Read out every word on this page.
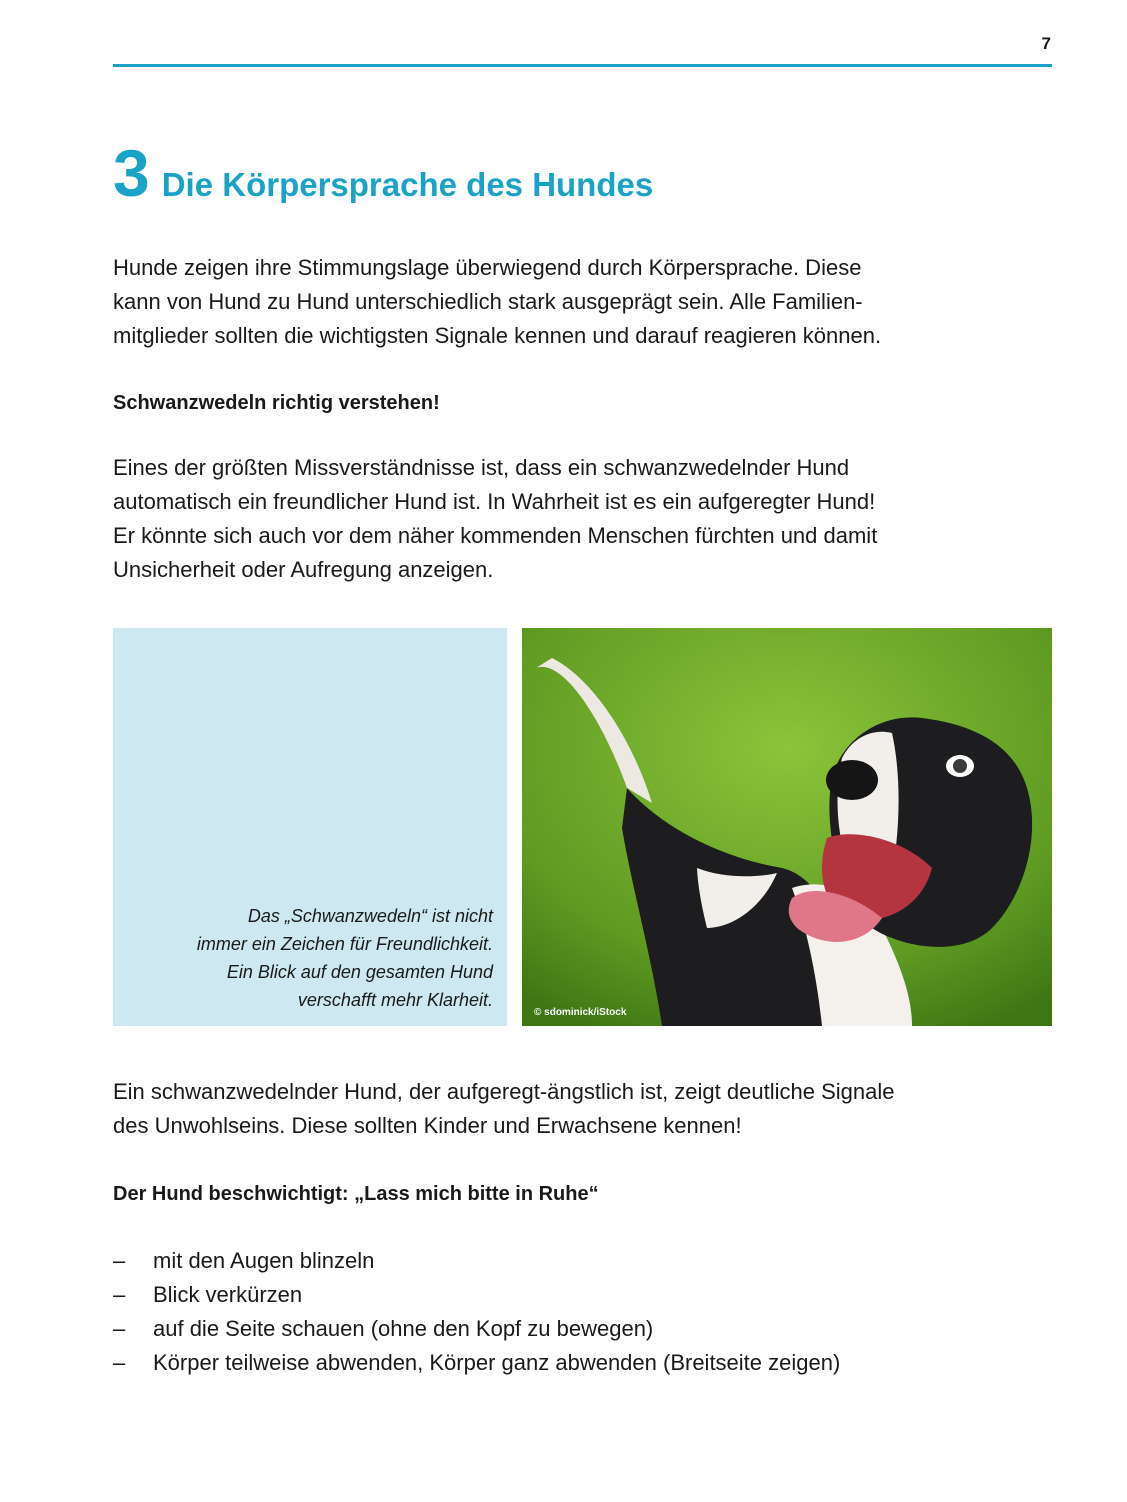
7
3 Die Körpersprache des Hundes

Hunde zeigen ihre Stimmungslage überwiegend durch Körpersprache. Diese
kann von Hund zu Hund unterschiedlich stark ausgeprägt sein. Alle Familien-
mitglieder sollten die wichtigsten Signale kennen und darauf reagieren können.

Schwanzwedeln richtig verstehen!

Eines der größten Missverständnisse ist, dass ein schwanzwedelnder Hund
automatisch ein freundlicher Hund ist. In Wahrheit ist es ein aufgeregter Hund!
Er könnte sich auch vor dem näher kommenden Menschen fürchten und damit
Unsicherheit oder Aufregung anzeigen.

Das „Schwanzwedeln“ ist nicht
immer ein Zeichen für Freundlichkeit.
Ein Blick auf den gesamten Hund
verschafft mehr Klarheit.
© sdominick/iStock

Ein schwanzwedelnder Hund, der aufgeregt-ängstlich ist, zeigt deutliche Signale
des Unwohlseins. Diese sollten Kinder und Erwachsene kennen!

Der Hund beschwichtigt: „Lass mich bitte in Ruhe“

–	mit den Augen blinzeln
–	Blick verkürzen
–	auf die Seite schauen (ohne den Kopf zu bewegen)
–	Körper teilweise abwenden, Körper ganz abwenden (Breitseite zeigen)
